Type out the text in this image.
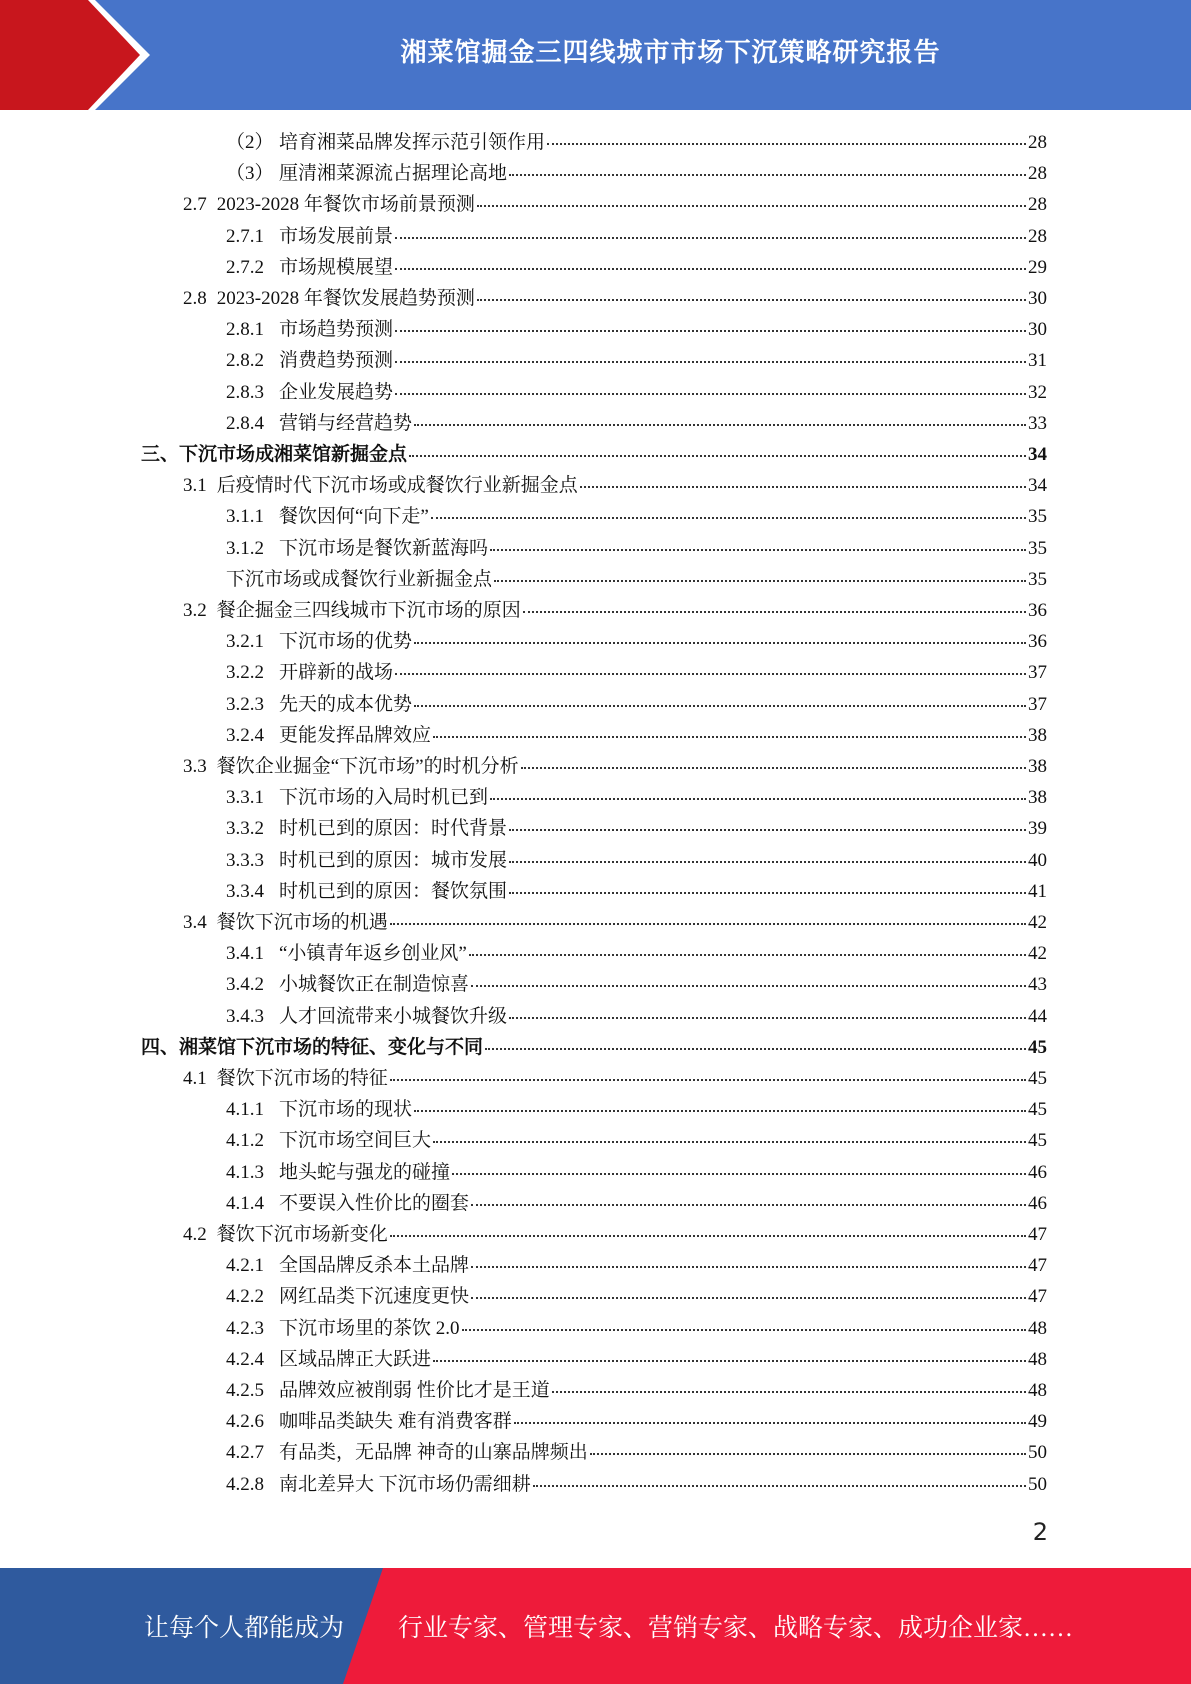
湘菜馆掘金三四线城市市场下沉策略研究报告
（2） 培育湘菜品牌发挥示范引领作用	28
（3） 厘清湘菜源流占据理论高地	28
2.7 2023-2028 年餐饮市场前景预测	28
2.7.1 市场发展前景	28
2.7.2 市场规模展望	29
2.8 2023-2028 年餐饮发展趋势预测	30
2.8.1 市场趋势预测	30
2.8.2 消费趋势预测	31
2.8.3 企业发展趋势	32
2.8.4 营销与经营趋势	33
三、 下沉市场成湘菜馆新掘金点	34
3.1 后疫情时代下沉市场或成餐饮行业新掘金点	34
3.1.1 餐饮因何“向下走”	35
3.1.2 下沉市场是餐饮新蓝海吗	35
下沉市场或成餐饮行业新掘金点	35
3.2 餐企掘金三四线城市下沉市场的原因	36
3.2.1 下沉市场的优势	36
3.2.2 开辟新的战场	37
3.2.3 先天的成本优势	37
3.2.4 更能发挥品牌效应	38
3.3 餐饮企业掘金“下沉市场”的时机分析	38
3.3.1 下沉市场的入局时机已到	38
3.3.2 时机已到的原因：时代背景	39
3.3.3 时机已到的原因：城市发展	40
3.3.4 时机已到的原因：餐饮氛围	41
3.4 餐饮下沉市场的机遇	42
3.4.1 “小镇青年返乡创业风”	42
3.4.2 小城餐饮正在制造惊喜	43
3.4.3 人才回流带来小城餐饮升级	44
四、 湘菜馆下沉市场的特征、变化与不同	45
4.1 餐饮下沉市场的特征	45
4.1.1 下沉市场的现状	45
4.1.2 下沉市场空间巨大	45
4.1.3 地头蛇与强龙的碰撞	46
4.1.4 不要误入性价比的圈套	46
4.2 餐饮下沉市场新变化	47
4.2.1 全国品牌反杀本土品牌	47
4.2.2 网红品类下沉速度更快	47
4.2.3 下沉市场里的茶饮 2.0	48
4.2.4 区域品牌正大跃进	48
4.2.5 品牌效应被削弱 性价比才是王道	48
4.2.6 咖啡品类缺失 难有消费客群	49
4.2.7 有品类，无品牌 神奇的山寨品牌频出	50
4.2.8 南北差异大 下沉市场仍需细耕	50
2
让每个人都能成为 行业专家、管理专家、营销专家、战略专家、成功企业家……
